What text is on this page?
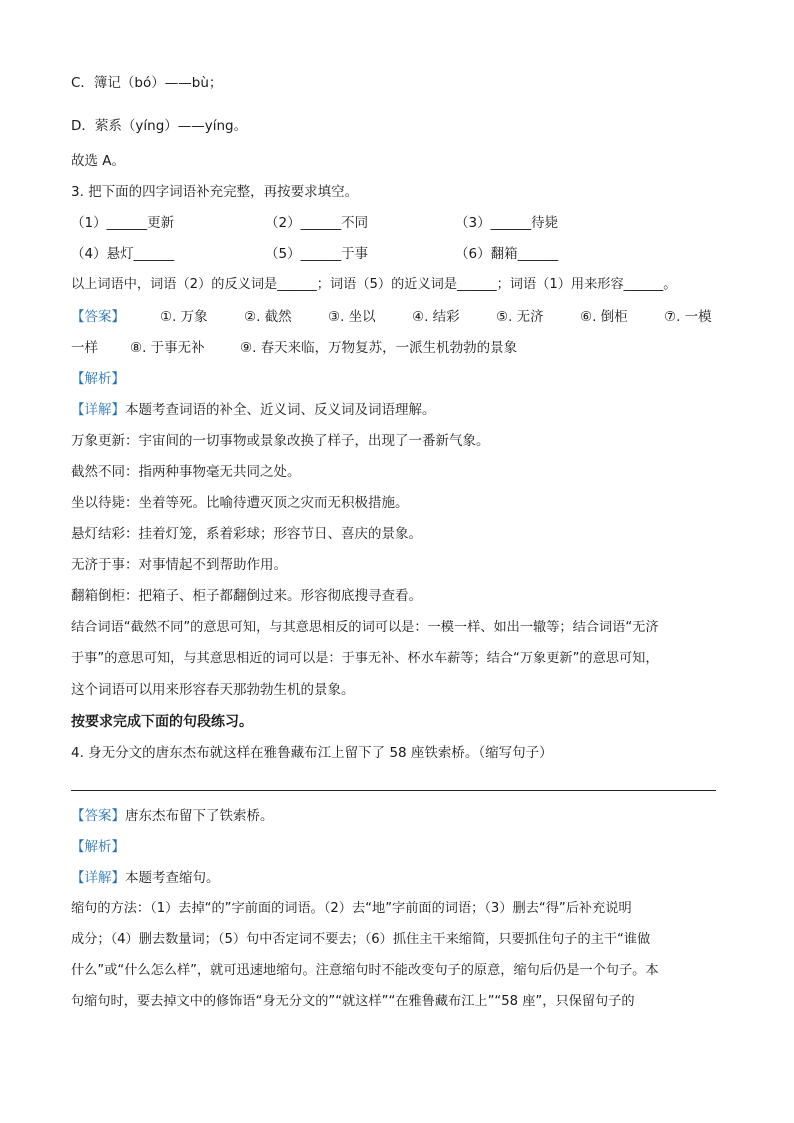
C．簿记（bó）——bù；
D．萦系（yíng）——yíng。
故选 A。
3. 把下面的四字词语补充完整，再按要求填空。
（1）______更新	（2）______不同	（3）______待毙
（4）悬灯______	（5）______于事	（6）翻箱______
以上词语中，词语（2）的反义词是______；词语（5）的近义词是______；词语（1）用来形容______。
【答案】	①. 万象	②. 截然	③. 坐以	④. 结彩	⑤. 无济	⑥. 倒柜	⑦. 一模
一样 ⑧. 于事无补	⑨. 春天来临，万物复苏，一派生机勃勃的景象
【解析】
【详解】本题考查词语的补全、近义词、反义词及词语理解。
万象更新：宇宙间的一切事物或景象改换了样子，出现了一番新气象。
截然不同：指两种事物毫无共同之处。
坐以待毙：坐着等死。比喻待遭灭顶之灾而无积极措施。
悬灯结彩：挂着灯笼，系着彩球；形容节日、喜庆的景象。
无济于事：对事情起不到帮助作用。
翻箱倒柜：把箱子、柜子都翻倒过来。形容彻底搜寻查看。
结合词语“截然不同”的意思可知，与其意思相反的词可以是：一模一样、如出一辙等；结合词语“无济
于事”的意思可知，与其意思相近的词可以是：于事无补、杯水车薪等；结合“万象更新”的意思可知，
这个词语可以用来形容春天那勃勃生机的景象。
按要求完成下面的句段练习。
4. 身无分文的唐东杰布就这样在雅鲁藏布江上留下了 58 座铁索桥。（缩写句子）
【答案】唐东杰布留下了铁索桥。
【解析】
【详解】本题考查缩句。
缩句的方法：（1）去掉“的”字前面的词语。（2）去“地”字前面的词语；（3）删去“得”后补充说明
成分；（4）删去数量词；（5）句中否定词不要去；（6）抓住主干来缩简，只要抓住句子的主干“谁做
什么”或“什么怎么样”，就可迅速地缩句。注意缩句时不能改变句子的原意，缩句后仍是一个句子。本
句缩句时，要去掉文中的修饰语“身无分文的”“就这样”“在雅鲁藏布江上”“58 座”，只保留句子的
